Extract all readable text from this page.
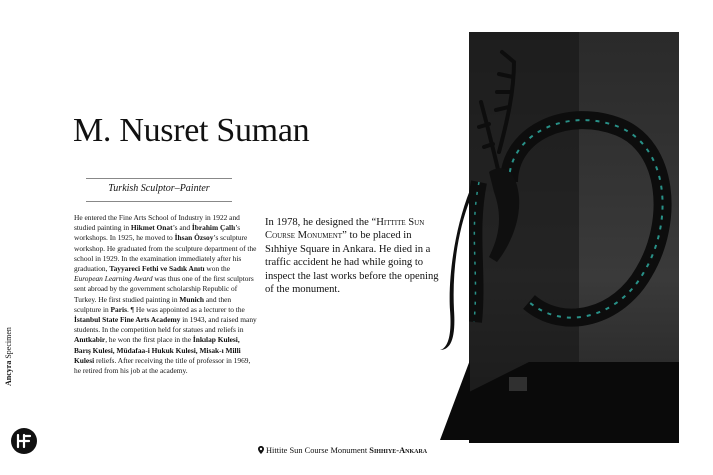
M. Nusret Suman
Turkish Sculptor–Painter
He entered the Fine Arts School of Industry in 1922 and studied painting in Hikmet Onat’s and İbrahim Çallı’s workshops. In 1925, he moved to İhsan Özsoy’s sculpture workshop. He graduated from the sculpture department of the school in 1929. In the examination immediately after his graduation, Tayyareci Fethi ve Sadık Anıtı won the European Learning Award was thus one of the first sculptors sent abroad by the government scholarship Republic of Turkey. He first studied painting in Munich and then sculpture in Paris. ¶ He was appointed as a lecturer to the İstanbul State Fine Arts Academy in 1943, and raised many students. In the competition held for statues and reliefs in Anıtkabir, he won the first place in the İnkılap Kulesi, Barış Kulesi, Müdafaa-i Hukuk Kulesi, Misak-ı Milli Kulesi reliefs. After receiving the title of professor in 1969, he retired from his job at the academy.
In 1978, he designed the “Hittite Sun Course Monument” to be placed in Sıhhiye Square in Ankara. He died in a traffic accident he had while going to inspect the last works before the opening of the monument.
Ancyra Specimen
Hittite Sun Course Monument Sıhhiye-Ankara
